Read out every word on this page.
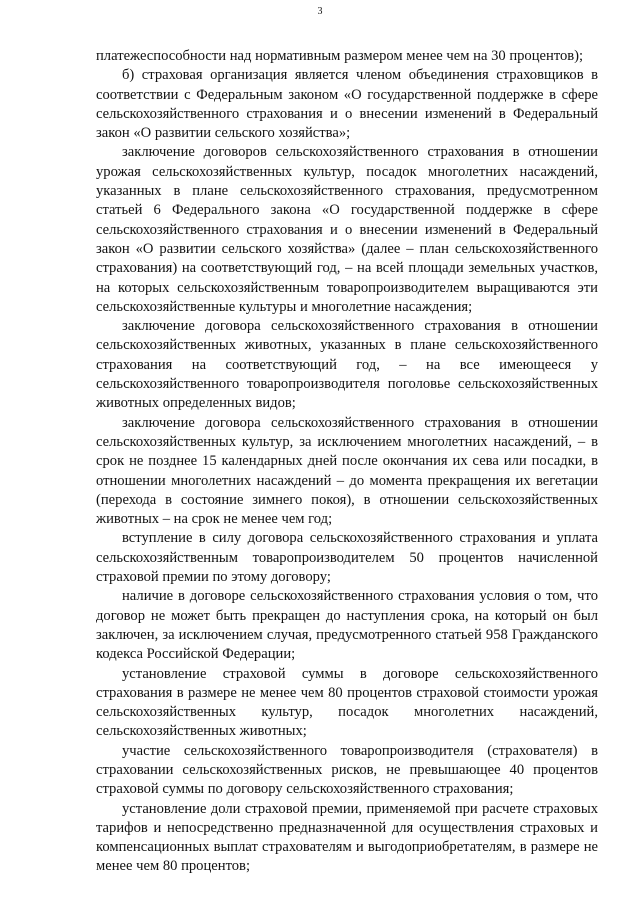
3

платежеспособности над нормативным размером менее чем на 30 процентов);

б) страховая организация является членом объединения страховщиков в соответствии с Федеральным законом «О государственной поддержке в сфере сельскохозяйственного страхования и о внесении изменений в Федеральный закон «О развитии сельского хозяйства»;

заключение договоров сельскохозяйственного страхования в отношении урожая сельскохозяйственных культур, посадок многолетних насаждений, указанных в плане сельскохозяйственного страхования, предусмотренном статьей 6 Федерального закона «О государственной поддержке в сфере сельскохозяйственного страхования и о внесении изменений в Федеральный закон «О развитии сельского хозяйства» (далее – план сельскохозяйственного страхования) на соответствующий год, – на всей площади земельных участков, на которых сельскохозяйственным товаропроизводителем выращиваются эти сельскохозяйственные культуры и многолетние насаждения;

заключение договора сельскохозяйственного страхования в отношении сельскохозяйственных животных, указанных в плане сельскохозяйственного страхования на соответствующий год, – на все имеющееся у сельскохозяйственного товаропроизводителя поголовье сельскохозяйственных животных определенных видов;

заключение договора сельскохозяйственного страхования в отношении сельскохозяйственных культур, за исключением многолетних насаждений, – в срок не позднее 15 календарных дней после окончания их сева или посадки, в отношении многолетних насаждений – до момента прекращения их вегетации (перехода в состояние зимнего покоя), в отношении сельскохозяйственных животных – на срок не менее чем год;

вступление в силу договора сельскохозяйственного страхования и уплата сельскохозяйственным товаропроизводителем 50 процентов начисленной страховой премии по этому договору;

наличие в договоре сельскохозяйственного страхования условия о том, что договор не может быть прекращен до наступления срока, на который он был заключен, за исключением случая, предусмотренного статьей 958 Гражданского кодекса Российской Федерации;

установление страховой суммы в договоре сельскохозяйственного страхования в размере не менее чем 80 процентов страховой стоимости урожая сельскохозяйственных культур, посадок многолетних насаждений, сельскохозяйственных животных;

участие сельскохозяйственного товаропроизводителя (страхователя) в страховании сельскохозяйственных рисков, не превышающее 40 процентов страховой суммы по договору сельскохозяйственного страхования;

установление доли страховой премии, применяемой при расчете страховых тарифов и непосредственно предназначенной для осуществления страховых и компенсационных выплат страхователям и выгодоприобретателям, в размере не менее чем 80 процентов;
